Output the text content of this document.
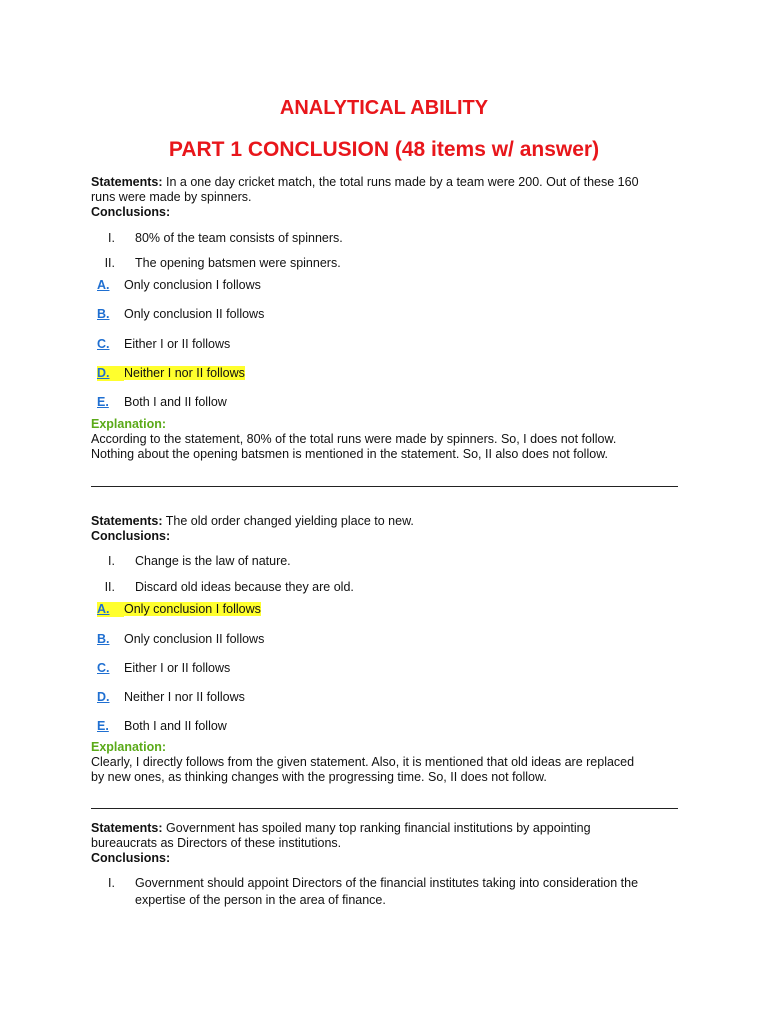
ANALYTICAL ABILITY
PART 1 CONCLUSION (48 items w/ answer)

Statements: In a one day cricket match, the total runs made by a team were 200. Out of these 160

runs were made by spinners.

Conclusions:

I. 80% of the team consists of spinners.

II. The opening batsmen were spinners.

A. Only conclusion I follows

B. Only conclusion II follows

C. Either I or II follows

D. Neither I nor II follows

E. Both I and II follow

Explanation:

According to the statement, 80% of the total runs were made by spinners. So, I does not follow.

Nothing about the opening batsmen is mentioned in the statement. So, II also does not follow.

Statements: The old order changed yielding place to new.

Conclusions:

I. Change is the law of nature.

II. Discard old ideas because they are old.

A. Only conclusion I follows

B. Only conclusion II follows

C. Either I or II follows

D. Neither I nor II follows

E. Both I and II follow

Explanation:

Clearly, I directly follows from the given statement. Also, it is mentioned that old ideas are replaced

by new ones, as thinking changes with the progressing time. So, II does not follow.

Statements: Government has spoiled many top ranking financial institutions by appointing

bureaucrats as Directors of these institutions.

Conclusions:

I. Government should appoint Directors of the financial institutes taking into consideration the
expertise of the person in the area of finance.
